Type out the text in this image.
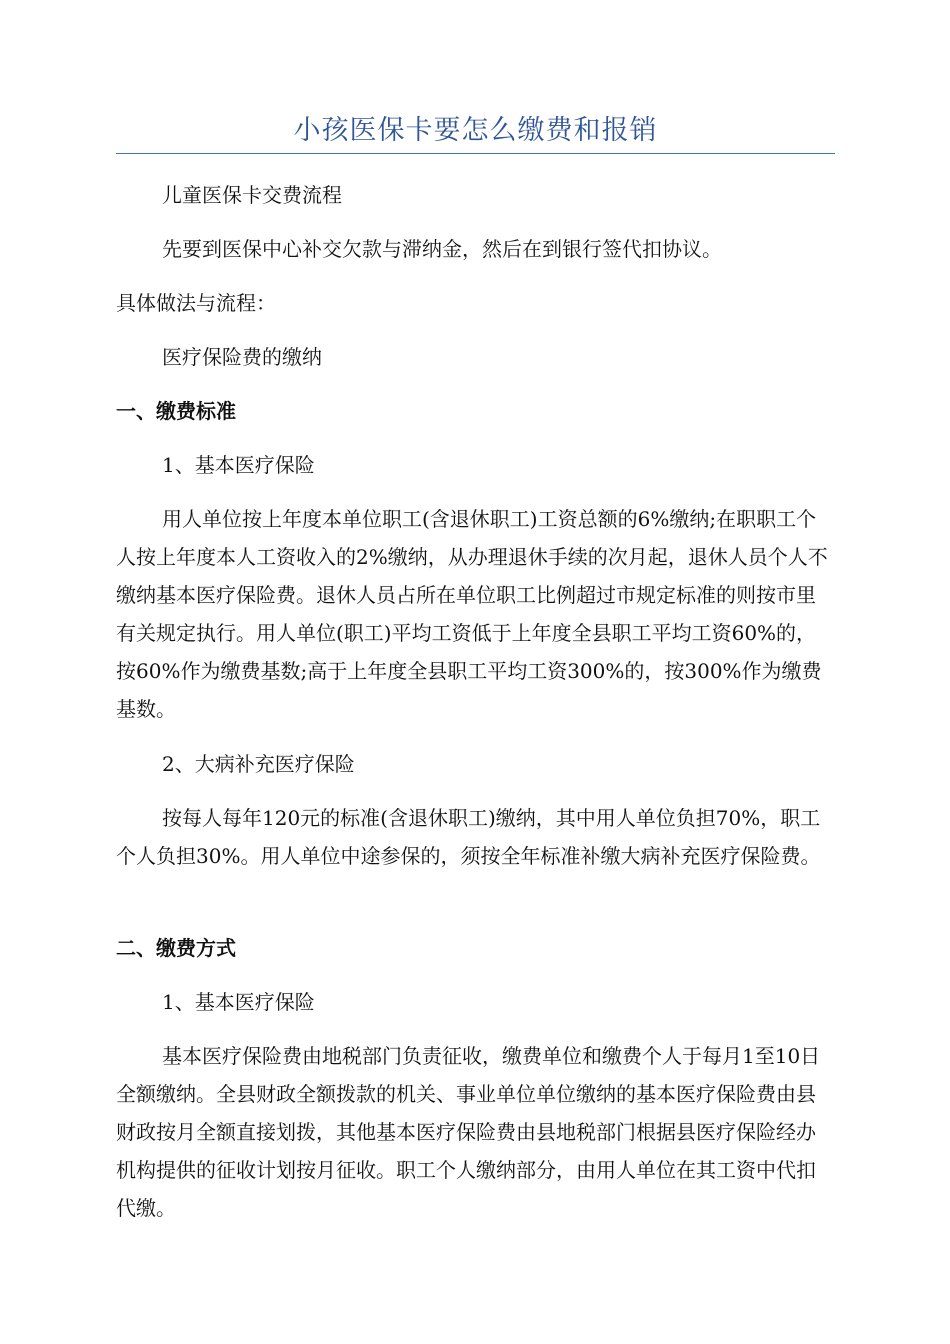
小孩医保卡要怎么缴费和报销

儿童医保卡交费流程

先要到医保中心补交欠款与滞纳金，然后在到银行签代扣协议。

具体做法与流程：

医疗保险费的缴纳

一、缴费标准

1、基本医疗保险

用人单位按上年度本单位职工(含退休职工)工资总额的6%缴纳;在职职工个人按上年度本人工资收入的2%缴纳，从办理退休手续的次月起，退休人员个人不缴纳基本医疗保险费。退休人员占所在单位职工比例超过市规定标准的则按市里有关规定执行。用人单位(职工)平均工资低于上年度全县职工平均工资60%的，按60%作为缴费基数;高于上年度全县职工平均工资300%的，按300%作为缴费基数。

2、大病补充医疗保险

按每人每年120元的标准(含退休职工)缴纳，其中用人单位负担70%，职工个人负担30%。用人单位中途参保的，须按全年标准补缴大病补充医疗保险费。

二、缴费方式

1、基本医疗保险

基本医疗保险费由地税部门负责征收，缴费单位和缴费个人于每月1至10日全额缴纳。全县财政全额拨款的机关、事业单位单位缴纳的基本医疗保险费由县财政按月全额直接划拨，其他基本医疗保险费由县地税部门根据县医疗保险经办机构提供的征收计划按月征收。职工个人缴纳部分，由用人单位在其工资中代扣代缴。
